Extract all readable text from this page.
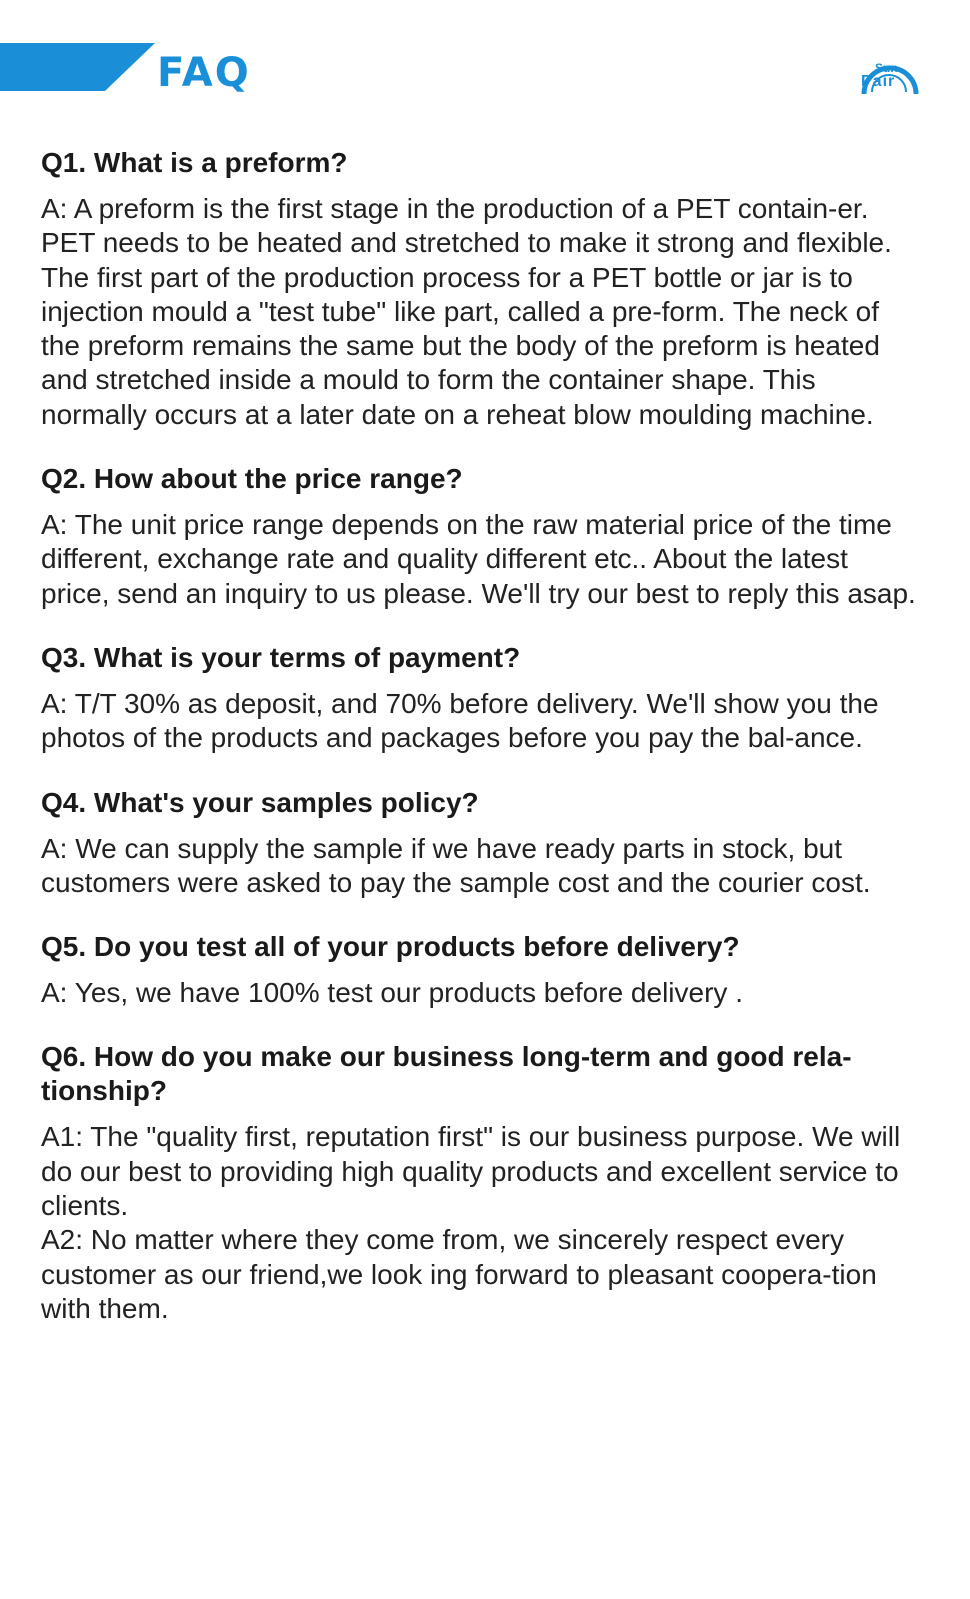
FAQ	Sun
Pair

Q1. What is a preform?

A: A preform is the first stage in the production of a PET contain-er. PET needs to be heated and stretched to make it strong and flexible. The first part of the production process for a PET bottle or jar is to injection mould a "test tube" like part, called a pre-form. The neck of the preform remains the same but the body of the preform is heated and stretched inside a mould to form the container shape. This normally occurs at a later date on a reheat blow moulding machine.

Q2. How about the price range?

A: The unit price range depends on the raw material price of the time different, exchange rate and quality different etc.. About the latest price, send an inquiry to us please. We'll try our best to reply this asap.

Q3. What is your terms of payment?

A: T/T 30% as deposit, and 70% before delivery. We'll show you the photos of the products and packages before you pay the bal-ance.

Q4. What's your samples policy?

A: We can supply the sample if we have ready parts in stock, but customers were asked to pay the sample cost and the courier cost.

Q5. Do you test all of your products before delivery?

A: Yes, we have 100% test our products before delivery .

Q6. How do you make our business long-term and good rela-tionship?

A1: The "quality first, reputation first" is our business purpose. We will do our best to providing high quality products and excellent service to clients.

A2: No matter where they come from, we sincerely respect every customer as our friend,we look ing forward to pleasant coopera-tion with them.
